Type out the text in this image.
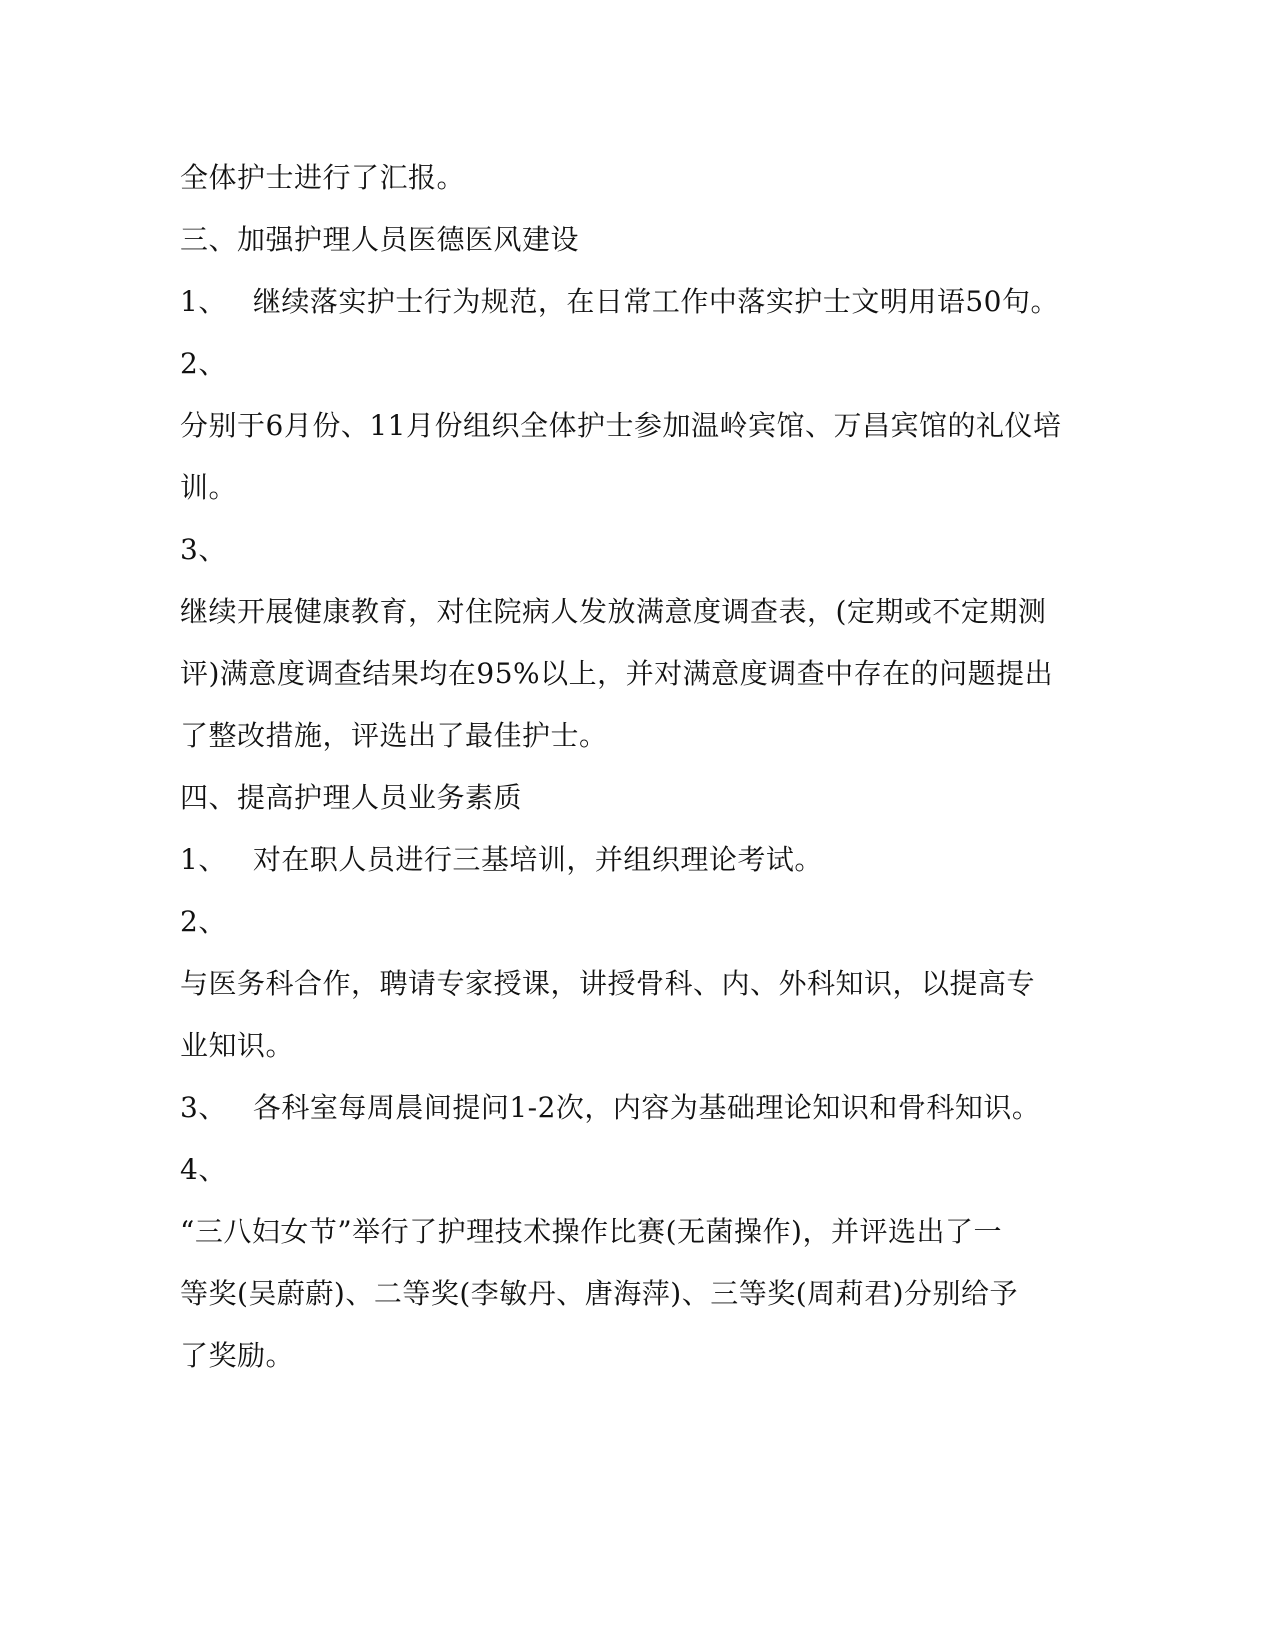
全体护士进行了汇报。
三、加强护理人员医德医风建设
1、 继续落实护士行为规范，在日常工作中落实护士文明用语50句。
2、
分别于6月份、11月份组织全体护士参加温岭宾馆、万昌宾馆的礼仪培
训。
3、
继续开展健康教育，对住院病人发放满意度调查表，(定期或不定期测
评)满意度调查结果均在95%以上，并对满意度调查中存在的问题提出
了整改措施，评选出了最佳护士。
四、提高护理人员业务素质
1、 对在职人员进行三基培训，并组织理论考试。
2、
与医务科合作，聘请专家授课，讲授骨科、内、外科知识，以提高专
业知识。
3、 各科室每周晨间提问1-2次，内容为基础理论知识和骨科知识。
4、
“三八妇女节”举行了护理技术操作比赛(无菌操作)，并评选出了一
等奖(吴蔚蔚)、二等奖(李敏丹、唐海萍)、三等奖(周莉君)分别给予
了奖励。
